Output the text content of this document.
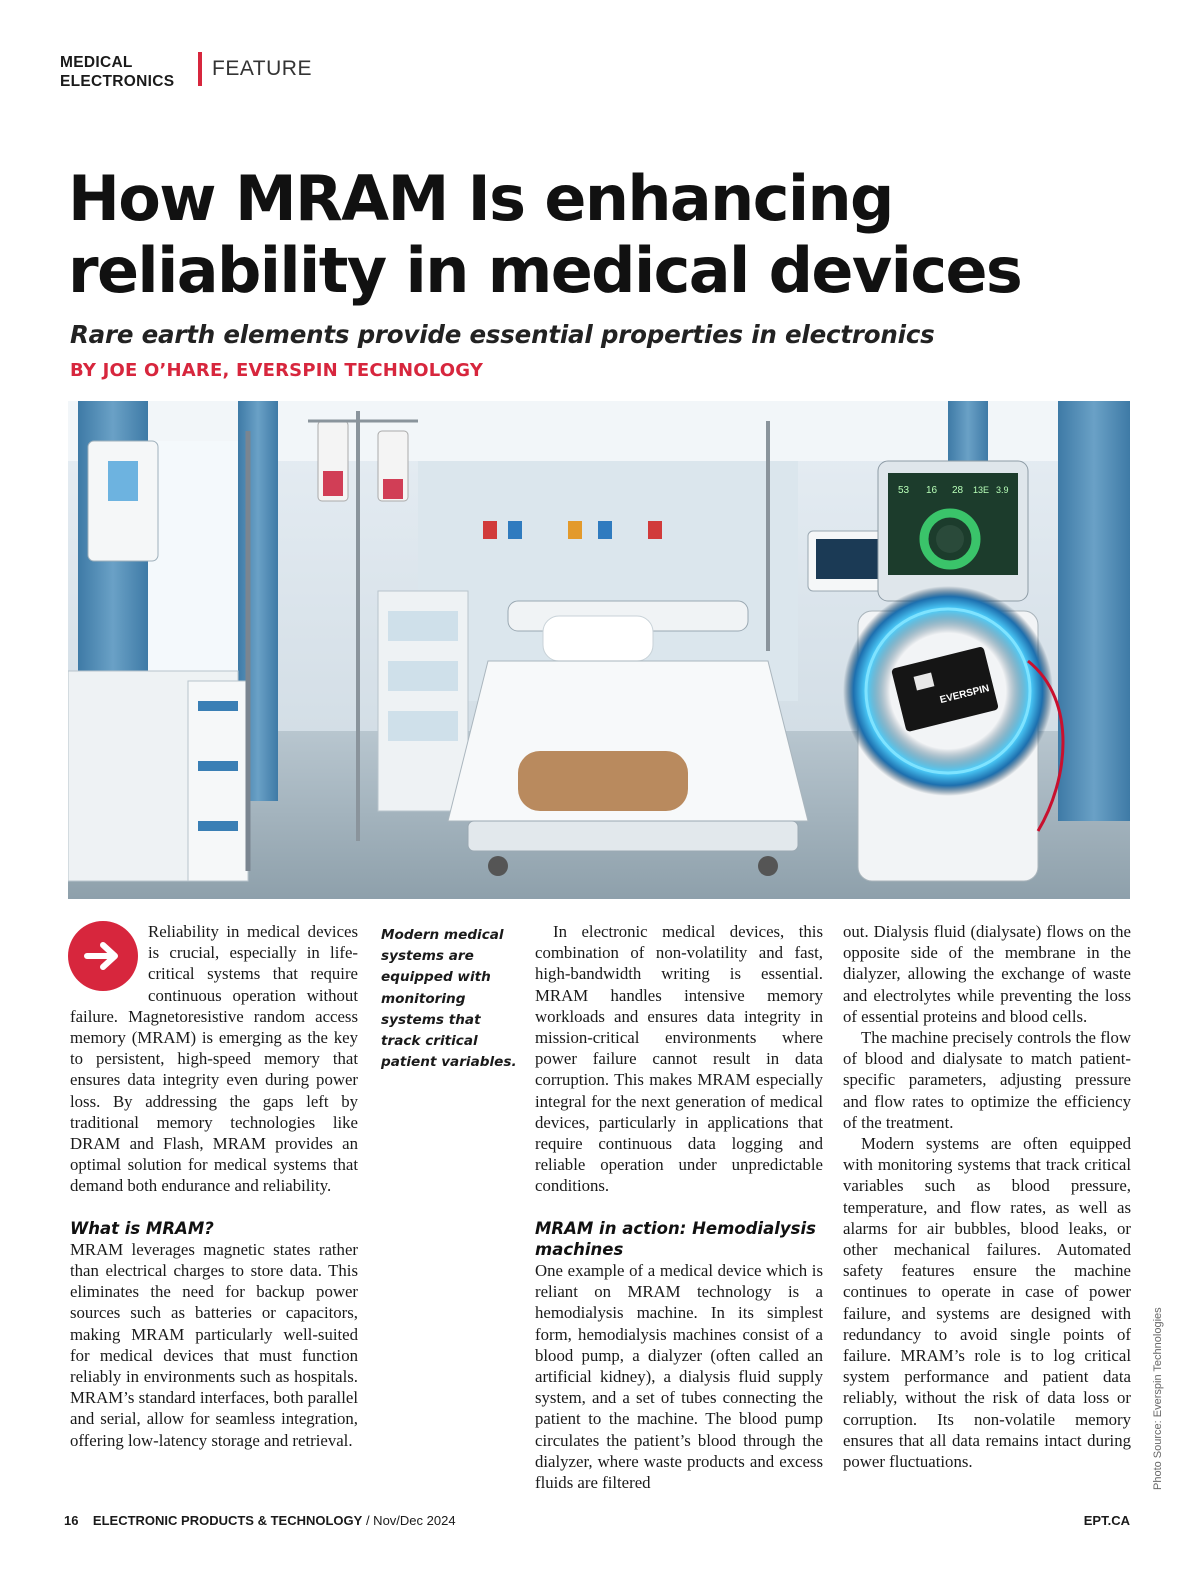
MEDICAL
ELECTRONICS
FEATURE
How MRAM Is enhancing reliability in medical devices
Rare earth elements provide essential properties in electronics
BY JOE O’HARE, EVERSPIN TECHNOLOGY
53 16 28 13E 3.9
EVERSPIN

Reliability in medical devices is crucial, especially in life-critical systems that require continuous operation without failure. Magnetoresistive random access memory (MRAM) is emerging as the key to persistent, high-speed memory that ensures data integrity even during power loss. By addressing the gaps left by traditional memory technologies like DRAM and Flash, MRAM provides an optimal solution for medical systems that demand both endurance and reliability.

What is MRAM?

MRAM leverages magnetic states rather than electrical charges to store data. This eliminates the need for backup power sources such as batteries or capacitors, making MRAM particularly well-suited for medical devices that must function reliably in environments such as hospitals. MRAM’s standard interfaces, both parallel and serial, allow for seamless integration, offering low-latency storage and retrieval.

Modern medical systems are equipped with monitoring systems that track critical patient variables.

In electronic medical devices, this combination of non-volatility and fast, high-bandwidth writing is essential. MRAM handles intensive memory workloads and ensures data integrity in mission-critical environments where power failure cannot result in data corruption. This makes MRAM especially integral for the next generation of medical devices, particularly in applications that require continuous data logging and reliable operation under unpredictable conditions.

MRAM in action: Hemodialysis machines

One example of a medical device which is reliant on MRAM technology is a hemodialysis machine. In its simplest form, hemodialysis machines consist of a blood pump, a dialyzer (often called an artificial kidney), a dialysis fluid supply system, and a set of tubes connecting the patient to the machine. The blood pump circulates the patient’s blood through the dialyzer, where waste products and excess fluids are filtered

out. Dialysis fluid (dialysate) flows on the opposite side of the membrane in the dialyzer, allowing the exchange of waste and electrolytes while preventing the loss of essential proteins and blood cells.

The machine precisely controls the flow of blood and dialysate to match patient-specific parameters, adjusting pressure and flow rates to optimize the efficiency of the treatment.

Modern systems are often equipped with monitoring systems that track critical variables such as blood pressure, temperature, and flow rates, as well as alarms for air bubbles, blood leaks, or other mechanical failures. Automated safety features ensure the machine continues to operate in case of power failure, and systems are designed with redundancy to avoid single points of failure. MRAM’s role is to log critical system performance and patient data reliably, without the risk of data loss or corruption. Its non-volatile memory ensures that all data remains intact during power fluctuations.	Photo Source: Everspin Technologies
16 ELECTRONIC PRODUCTS & TECHNOLOGY / Nov/Dec 2024	EPT.CA
